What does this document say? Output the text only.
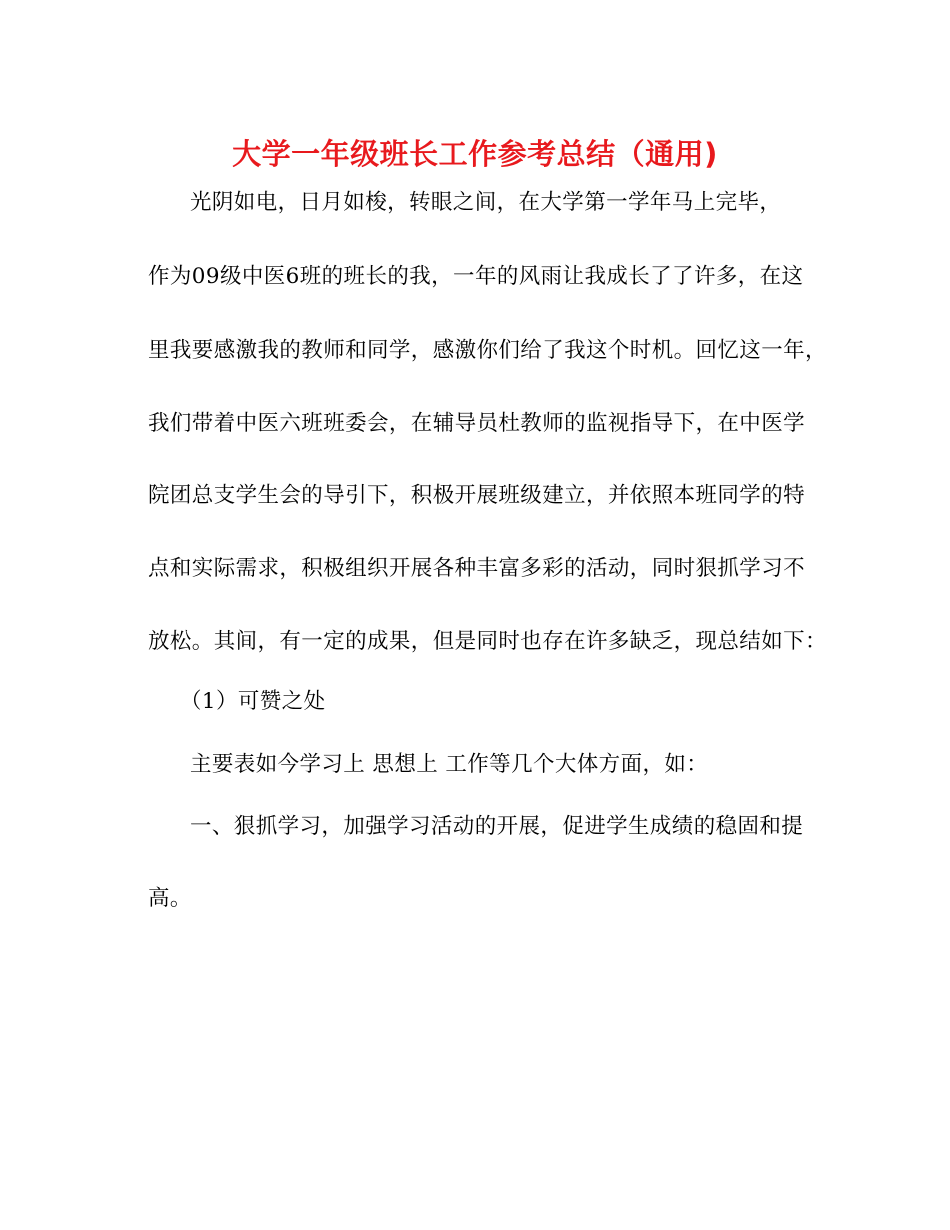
大学一年级班长工作参考总结（通用)
光阴如电，日月如梭，转眼之间，在大学第一学年马上完毕，
作为09级中医6班的班长的我，一年的风雨让我成长了了许多，在这
里我要感激我的教师和同学，感激你们给了我这个时机。回忆这一年，
我们带着中医六班班委会，在辅导员杜教师的监视指导下，在中医学
院团总支学生会的导引下，积极开展班级建立，并依照本班同学的特
点和实际需求，积极组织开展各种丰富多彩的活动，同时狠抓学习不
放松。其间，有一定的成果，但是同时也存在许多缺乏，现总结如下：
（1）可赞之处
主要表如今学习上 思想上 工作等几个大体方面，如：
一、狠抓学习，加强学习活动的开展，促进学生成绩的稳固和提
高。
